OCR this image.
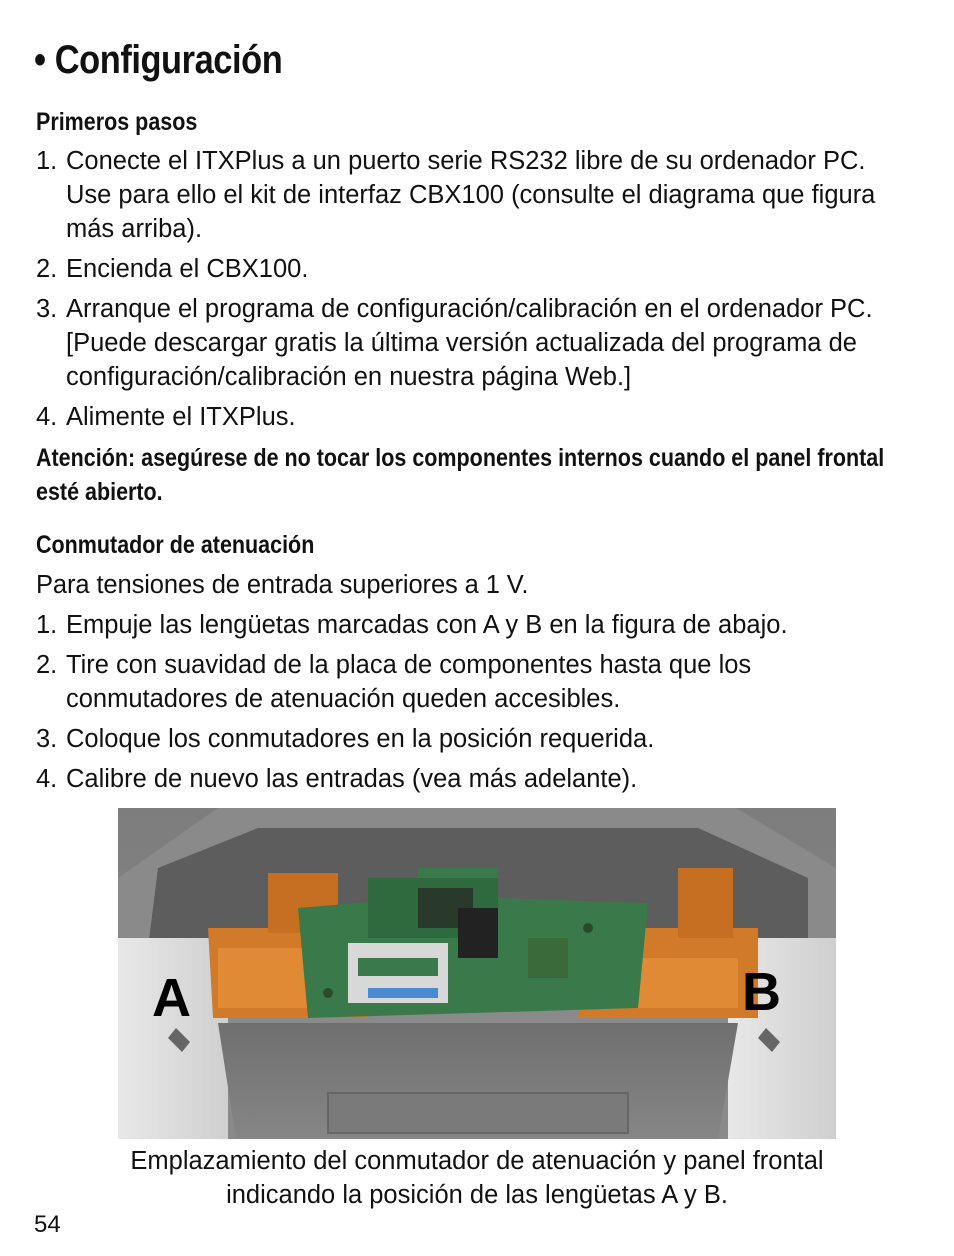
• Configuración
Primeros pasos
1. Conecte el ITXPlus a un puerto serie RS232 libre de su ordenador PC. Use para ello el kit de interfaz CBX100 (consulte el diagrama que figura más arriba).
2. Encienda el CBX100.
3. Arranque el programa de configuración/calibración en el ordenador PC. [Puede descargar gratis la última versión actualizada del programa de configuración/calibración en nuestra página Web.]
4. Alimente el ITXPlus.
Atención: asegúrese de no tocar los componentes internos cuando el panel frontal esté abierto.
Conmutador de atenuación
Para tensiones de entrada superiores a 1 V.
1. Empuje las lengüetas marcadas con A y B en la figura de abajo.
2. Tire con suavidad de la placa de componentes hasta que los conmutadores de atenuación queden accesibles.
3. Coloque los conmutadores en la posición requerida.
4. Calibre de nuevo las entradas (vea más adelante).
A	B
Emplazamiento del conmutador de atenuación y panel frontal
indicando la posición de las lengüetas A y B.
54
